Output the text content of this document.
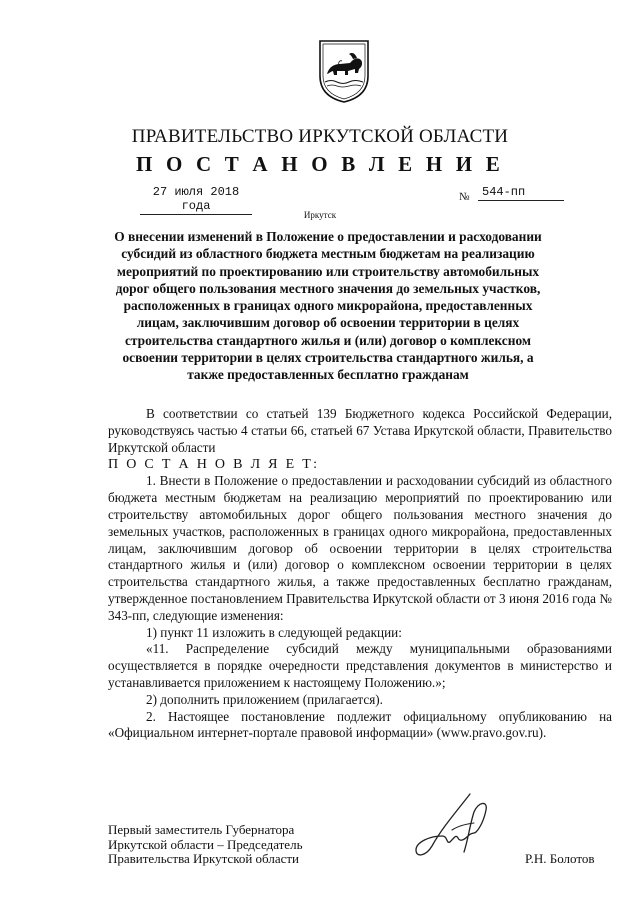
ПРАВИТЕЛЬСТВО ИРКУТСКОЙ ОБЛАСТИ
П О С Т А Н О В Л Е Н И Е
27 июля 2018 года
№	544-пп
Иркутск
О внесении изменений в Положение о предоставлении и расходовании
субсидий из областного бюджета местным бюджетам на реализацию
мероприятий по проектированию или строительству автомобильных
дорог общего пользования местного значения до земельных участков,
расположенных в границах одного микрорайона, предоставленных
лицам, заключившим договор об освоении территории в целях
строительства стандартного жилья и (или) договор о комплексном
освоении территории в целях строительства стандартного жилья, а
также предоставленных бесплатно гражданам

В соответствии со статьей 139 Бюджетного кодекса Российской Федерации, руководствуясь частью 4 статьи 66, статьей 67 Устава Иркутской области, Правительство Иркутской области

П О С Т А Н О В Л Я Е Т:

1. Внести в Положение о предоставлении и расходовании субсидий из областного бюджета местным бюджетам на реализацию мероприятий по проектированию или строительству автомобильных дорог общего пользования местного значения до земельных участков, расположенных в границах одного микрорайона, предоставленных лицам, заключившим договор об освоении территории в целях строительства стандартного жилья и (или) договор о комплексном освоении территории в целях строительства стандартного жилья, а также предоставленных бесплатно гражданам, утвержденное постановлением Правительства Иркутской области от 3 июня 2016 года № 343-пп, следующие изменения:

1) пункт 11 изложить в следующей редакции:

«11. Распределение субсидий между муниципальными образованиями осуществляется в порядке очередности представления документов в министерство и устанавливается приложением к настоящему Положению.»;

2) дополнить приложением (прилагается).

2. Настоящее постановление подлежит официальному опубликованию на «Официальном интернет-портале правовой информации» (www.pravo.gov.ru).

Первый заместитель Губернатора
Иркутской области – Председатель
Правительства Иркутской области	Р.Н. Болотов
